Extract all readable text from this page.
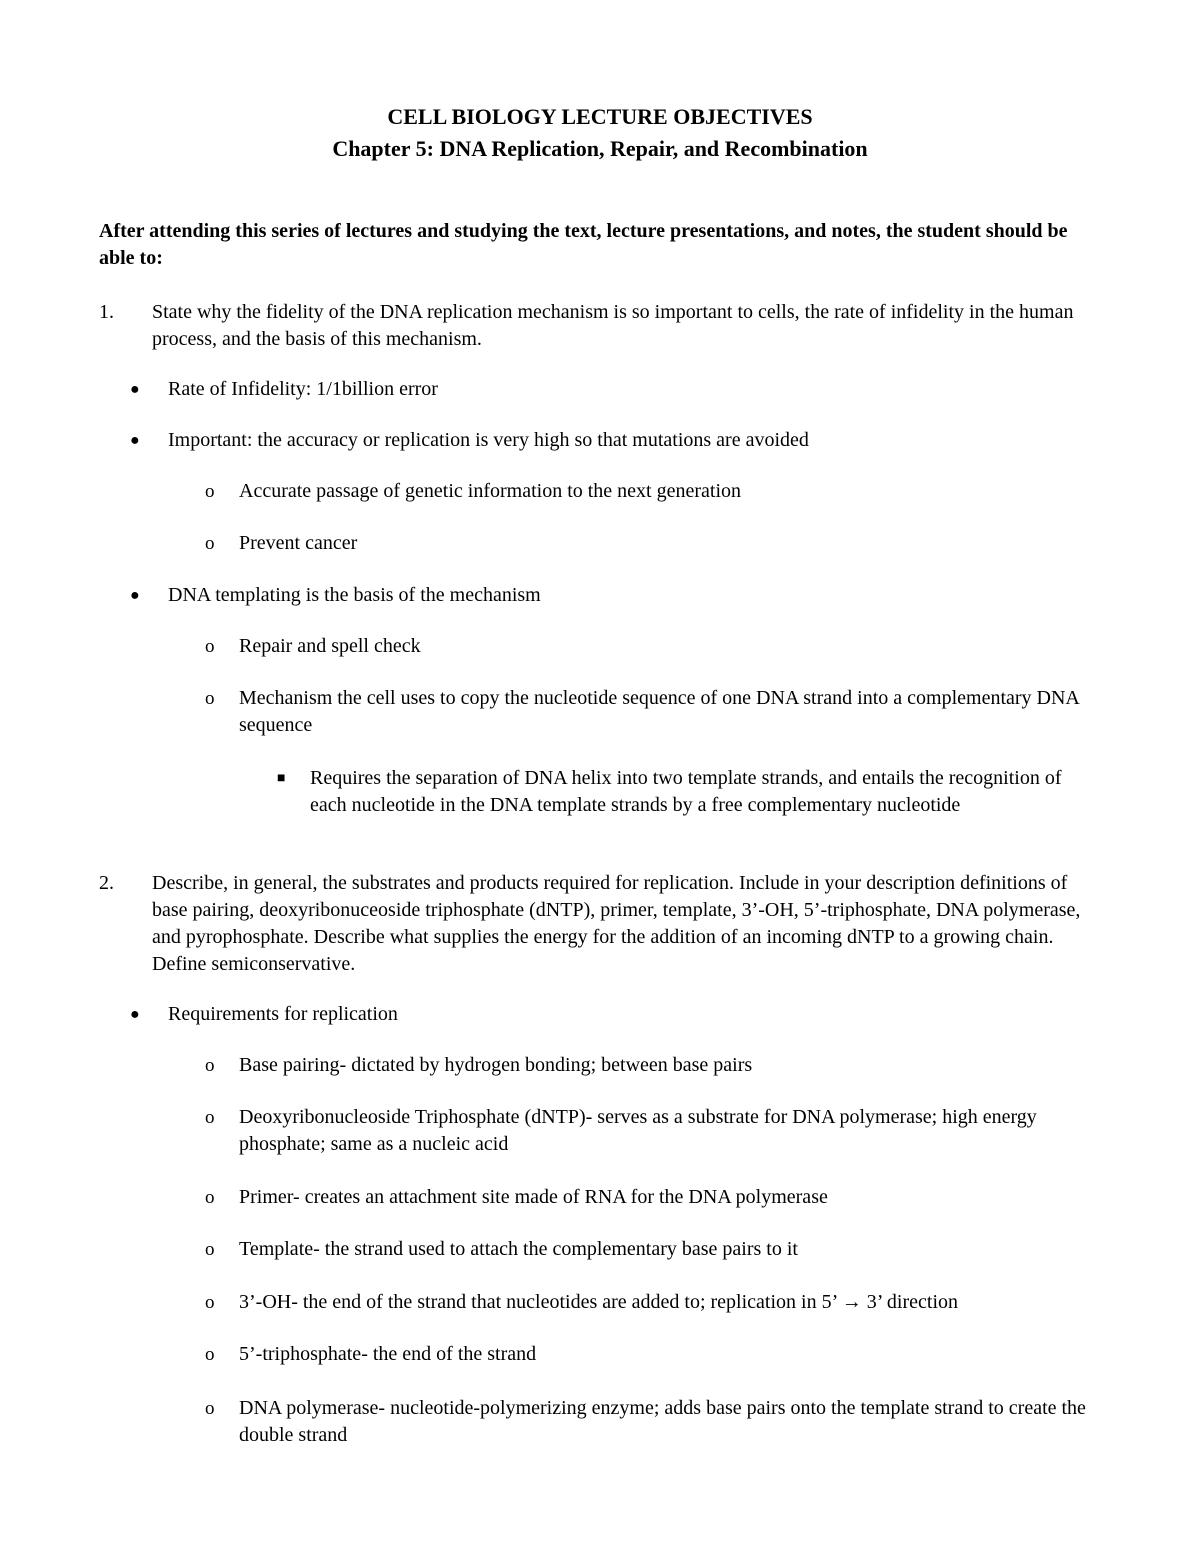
CELL BIOLOGY LECTURE OBJECTIVES
Chapter 5: DNA Replication, Repair, and Recombination
After attending this series of lectures and studying the text, lecture presentations, and notes, the student should be able to:
1. State why the fidelity of the DNA replication mechanism is so important to cells, the rate of infidelity in the human process, and the basis of this mechanism.
● Rate of Infidelity: 1/1billion error
● Important: the accuracy or replication is very high so that mutations are avoided
o Accurate passage of genetic information to the next generation
o Prevent cancer
● DNA templating is the basis of the mechanism
o Repair and spell check
o Mechanism the cell uses to copy the nucleotide sequence of one DNA strand into a complementary DNA sequence
■ Requires the separation of DNA helix into two template strands, and entails the recognition of each nucleotide in the DNA template strands by a free complementary nucleotide
2. Describe, in general, the substrates and products required for replication. Include in your description definitions of base pairing, deoxyribonuceoside triphosphate (dNTP), primer, template, 3’-OH, 5’-triphosphate, DNA polymerase, and pyrophosphate. Describe what supplies the energy for the addition of an incoming dNTP to a growing chain. Define semiconservative.
● Requirements for replication
o Base pairing- dictated by hydrogen bonding; between base pairs
o Deoxyribonucleoside Triphosphate (dNTP)- serves as a substrate for DNA polymerase; high energy phosphate; same as a nucleic acid
o Primer- creates an attachment site made of RNA for the DNA polymerase
o Template- the strand used to attach the complementary base pairs to it
o 3’-OH- the end of the strand that nucleotides are added to; replication in 5’ → 3’ direction
o 5’-triphosphate- the end of the strand
o DNA polymerase- nucleotide-polymerizing enzyme; adds base pairs onto the template strand to create the double strand
